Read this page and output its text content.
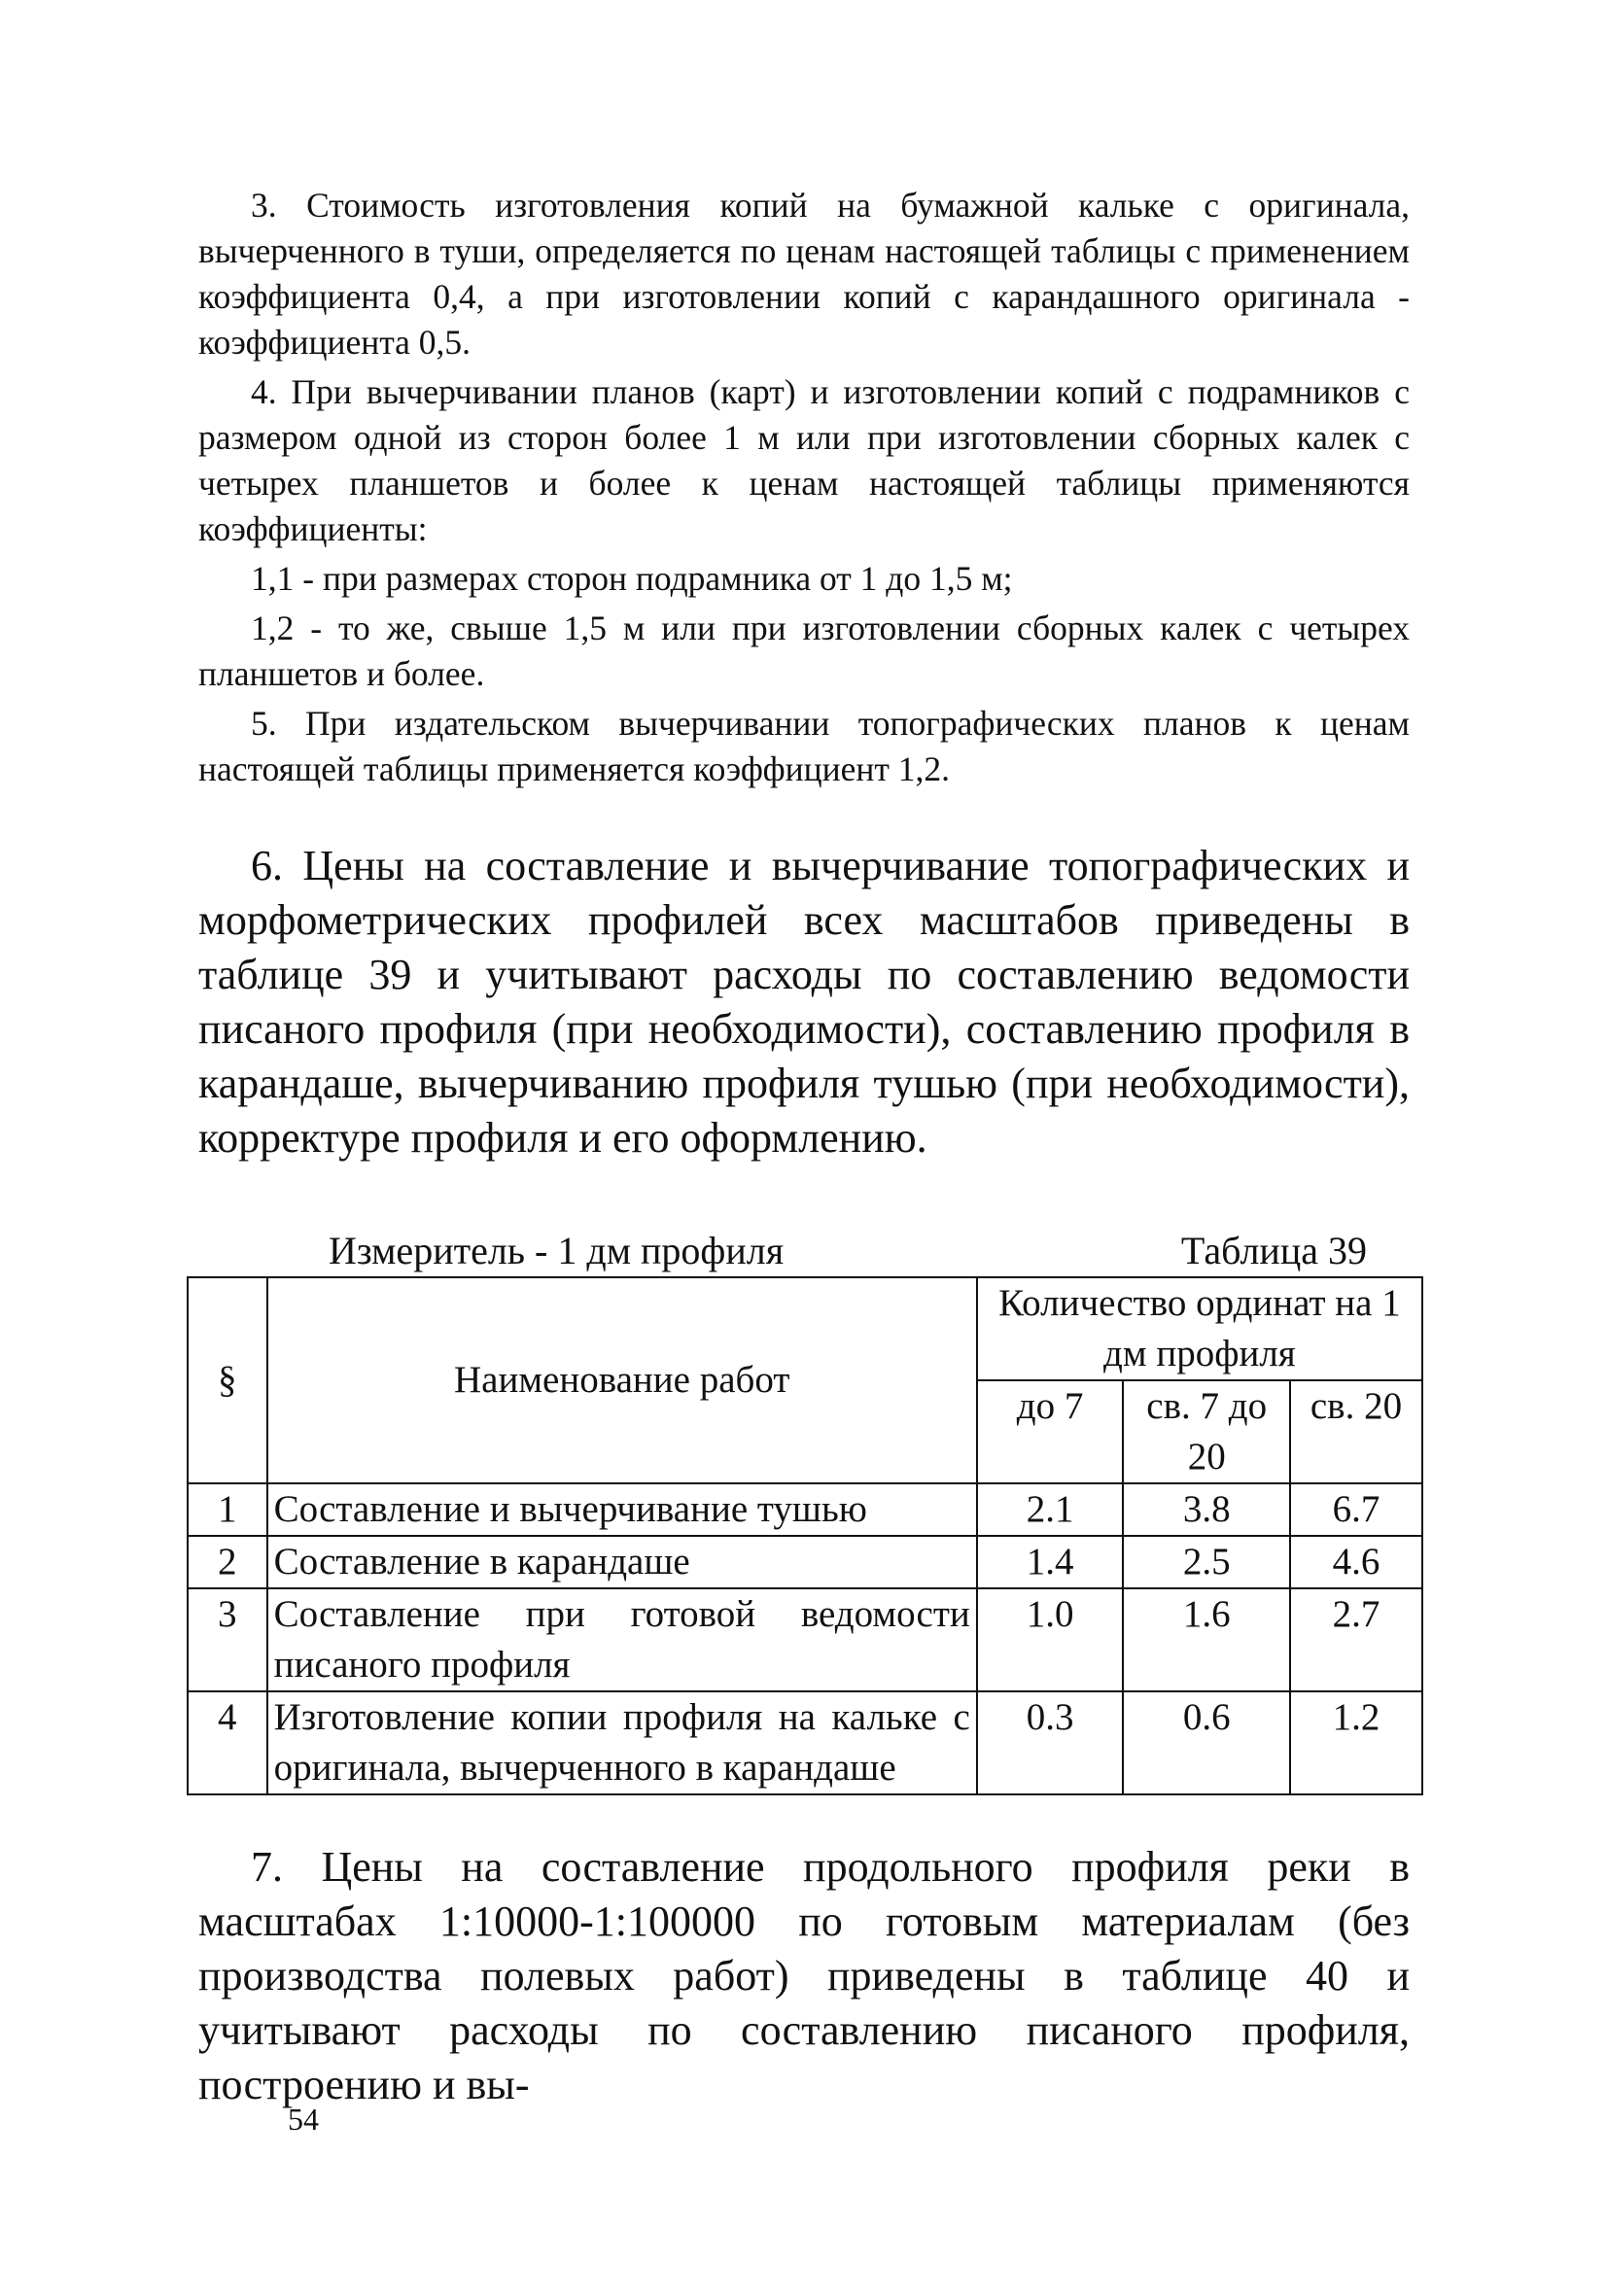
3. Стоимость изготовления копий на бумажной кальке с оригинала, вычерченного в туши, определяется по ценам настоящей таблицы с применением коэффициента 0,4, а при изготовлении копий с карандашного оригинала - коэффициента 0,5.

4. При вычерчивании планов (карт) и изготовлении копий с подрамников с размером одной из сторон более 1 м или при изготовлении сборных калек с четырех планшетов и более к ценам настоящей таблицы применяются коэффициенты:

1,1 - при размерах сторон подрамника от 1 до 1,5 м;

1,2 - то же, свыше 1,5 м или при изготовлении сборных калек с четырех планшетов и более.

5. При издательском вычерчивании топографических планов к ценам настоящей таблицы применяется коэффициент 1,2.

6. Цены на составление и вычерчивание топографических и морфометрических профилей всех масштабов приведены в таблице 39 и учитывают расходы по составлению ведомости писаного профиля (при необходимости), составлению профиля в карандаше, вычерчиванию профиля тушью (при необходимости), корректуре профиля и его оформлению.

Измеритель - 1 дм профиля	Таблица 39
§	Наименование работ	Количество ординат на 1 дм профиля		
		до 7	св. 7 до 20	св. 20
1	Составление и вычерчивание тушью	2.1	3.8	6.7
2	Составление в карандаше	1.4	2.5	4.6
3	Составление при готовой ведомости писаного профиля	1.0	1.6	2.7
4	Изготовление копии профиля на кальке с оригинала, вычерченного в карандаше	0.3	0.6	1.2

7. Цены на составление продольного профиля реки в масштабах 1:10000-1:100000 по готовым материалам (без производства полевых работ) приведены в таблице 40 и учитывают расходы по составлению писаного профиля, построению и вы-

54
